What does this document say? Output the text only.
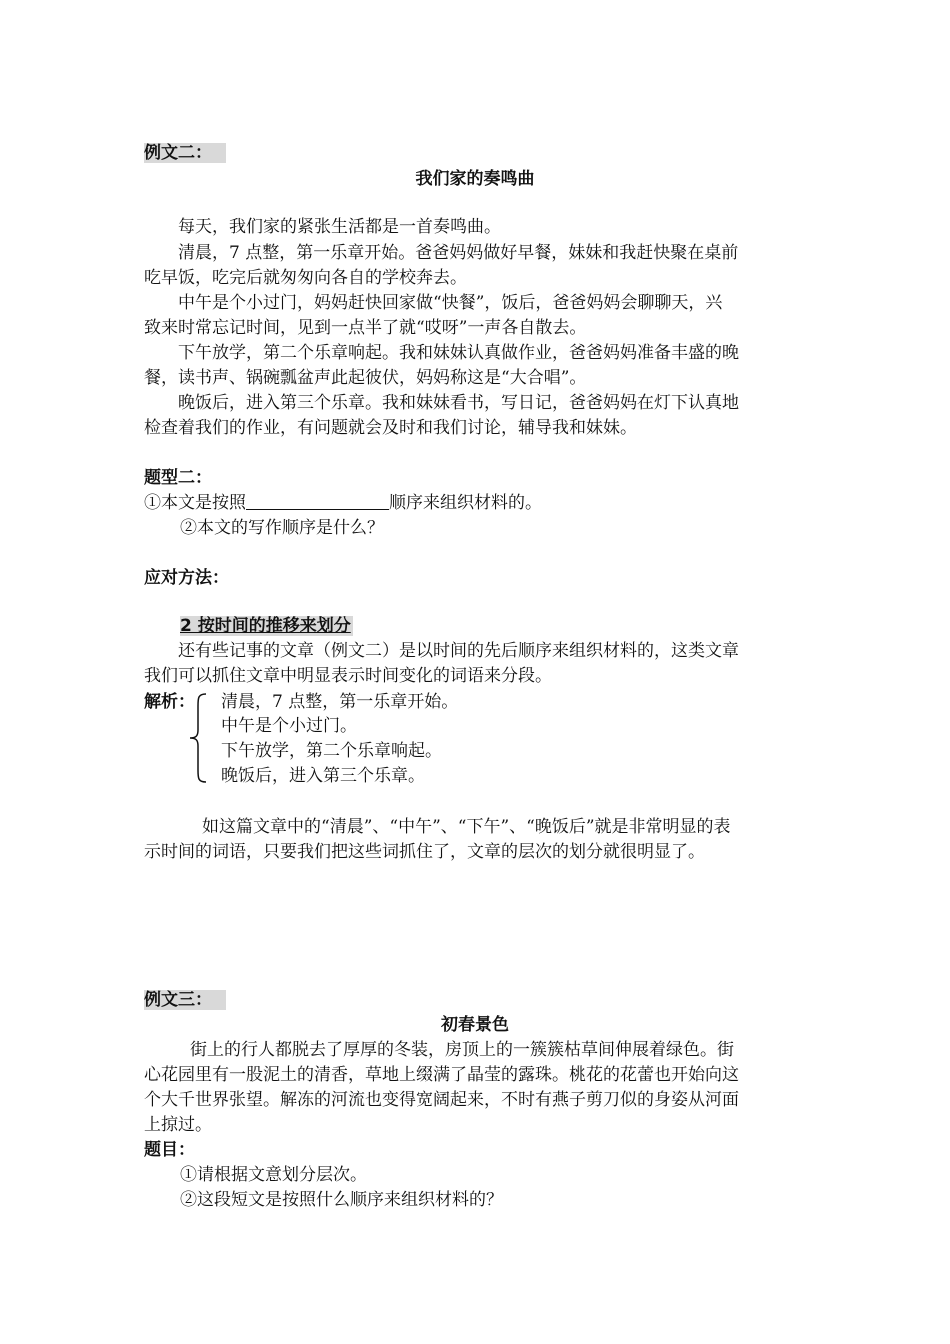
例文二：
我们家的奏鸣曲
每天，我们家的紧张生活都是一首奏鸣曲。
清晨，7 点整，第一乐章开始。爸爸妈妈做好早餐，妹妹和我赶快聚在桌前
吃早饭，吃完后就匆匆向各自的学校奔去。
中午是个小过门，妈妈赶快回家做“快餐”，饭后，爸爸妈妈会聊聊天，兴
致来时常忘记时间，见到一点半了就“哎呀”一声各自散去。
下午放学，第二个乐章响起。我和妹妹认真做作业，爸爸妈妈准备丰盛的晚
餐，读书声、锅碗瓢盆声此起彼伏，妈妈称这是“大合唱”。
晚饭后，进入第三个乐章。我和妹妹看书，写日记，爸爸妈妈在灯下认真地
检查着我们的作业，有问题就会及时和我们讨论，辅导我和妹妹。
题型二：
①本文是按照	顺序来组织材料的。
②本文的写作顺序是什么？
应对方法：
2 按时间的推移来划分
还有些记事的文章（例文二）是以时间的先后顺序来组织材料的，这类文章
我们可以抓住文章中明显表示时间变化的词语来分段。
解析： 清晨，7 点整，第一乐章开始。
中午是个小过门。
下午放学，第二个乐章响起。
晚饭后，进入第三个乐章。
如这篇文章中的“清晨”、“中午”、“下午”、“晚饭后”就是非常明显的表
示时间的词语，只要我们把这些词抓住了，文章的层次的划分就很明显了。
例文三：
初春景色
街上的行人都脱去了厚厚的冬装，房顶上的一簇簇枯草间伸展着绿色。街
心花园里有一股泥土的清香，草地上缀满了晶莹的露珠。桃花的花蕾也开始向这
个大千世界张望。解冻的河流也变得宽阔起来，不时有燕子剪刀似的身姿从河面
上掠过。
题目：
①请根据文意划分层次。
②这段短文是按照什么顺序来组织材料的？
